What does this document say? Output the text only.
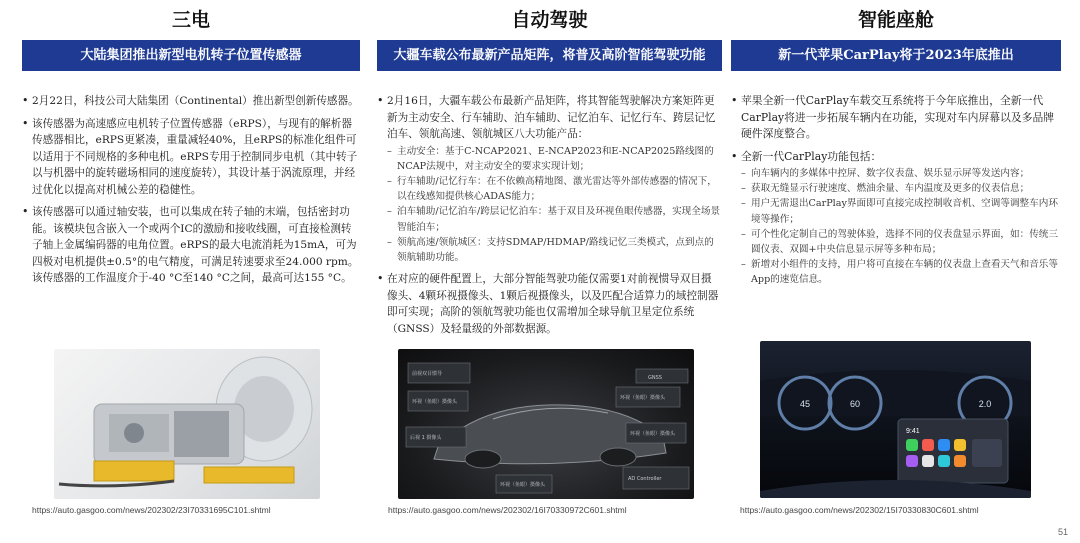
三电
大陆集团推出新型电机转子位置传感器
• 2月22日，科技公司大陆集团（Continental）推出新型创新传感器。
• 该传感器为高速感应电机转子位置传感器（eRPS），与现有的解析器传感器相比，eRPS更紧凑，重量减轻40%，且eRPS的标准化组件可以适用于不同规格的多种电机。eRPS专用于控制同步电机（其中转子以与机器中的旋转磁场相同的速度旋转），其设计基于涡流原理，并经过优化以提高对机械公差的稳健性。
• 该传感器可以通过轴安装，也可以集成在转子轴的末端，包括密封功能。该模块包含嵌入一个或两个IC的激励和接收线圈，可直接检测转子轴上金属编码器的电角位置。eRPS的最大电流消耗为15mA，可为四极对电机提供±0.5°的电气精度，可满足转速要求至24.000 rpm。该传感器的工作温度介于-40 °C至140 °C之间，最高可达155 °C。
自动驾驶
大疆车载公布最新产品矩阵，将普及高阶智能驾驶功能
• 2月16日，大疆车载公布最新产品矩阵，将其智能驾驶解决方案矩阵更新为主动安全、行车辅助、泊车辅助、记忆泊车、记忆行车、跨层记忆泊车、领航高速、领航城区八大功能产品：
– 主动安全：基于C-NCAP2021、E-NCAP2023和E-NCAP2025路线图的NCAP法规中，对主动安全的要求实现计划；
– 行车辅助/记忆行车：在不依赖高精地图、激光雷达等外部传感器的情况下，以在线感知提供核心ADAS能力；
– 泊车辅助/记忆泊车/跨层记忆泊车：基于双目及环视鱼眼传感器，实现全场景智能泊车；
– 领航高速/领航城区：支持SDMAP/HDMAP/路线记忆三类模式，点到点的领航辅助功能。
• 在对应的硬件配置上，大部分智能驾驶功能仅需要1对前视惯导双目摄像头、4颗环视摄像头、1颗后视摄像头，以及匹配合适算力的域控制器即可实现；高阶的领航驾驶功能也仅需增加全球导航卫星定位系统（GNSS）及轻量级的外部数据源。
智能座舱
新一代苹果CarPlay将于2023年底推出
• 苹果全新一代CarPlay车载交互系统将于今年底推出，全新一代CarPlay将进一步拓展车辆内在功能，实现对车内屏幕以及多品牌硬件深度整合。
• 全新一代CarPlay功能包括：
– 向车辆内的多媒体中控屏、数字仪表盘、娱乐显示屏等发送内容；
– 获取无缝显示行驶速度、燃油余量、车内温度及更多的仪表信息；
– 用户无需退出CarPlay界面即可直接完成控制收音机、空调等调整车内环境等操作；
– 可个性化定制自己的驾驶体验，选择不同的仪表盘显示界面，如：传统三圆仪表、双圆+中央信息显示屏等多种布局；
– 新增对小组件的支持，用户将可直接在车辆的仪表盘上查看天气和音乐等App的速览信息。
前视双目惯导
GNSS
环视（鱼眼）摄像头
环视（鱼眼）摄像头
后视 1 摄像头
环视（鱼眼）摄像头
环视（鱼眼）摄像头
AD Controller
45	60	2.0
9:41
https://auto.gasgoo.com/news/202302/23I70331695C101.shtml	https://auto.gasgoo.com/news/202302/16I70330972C601.shtml	https://auto.gasgoo.com/news/202302/15I70330830C601.shtml
51
